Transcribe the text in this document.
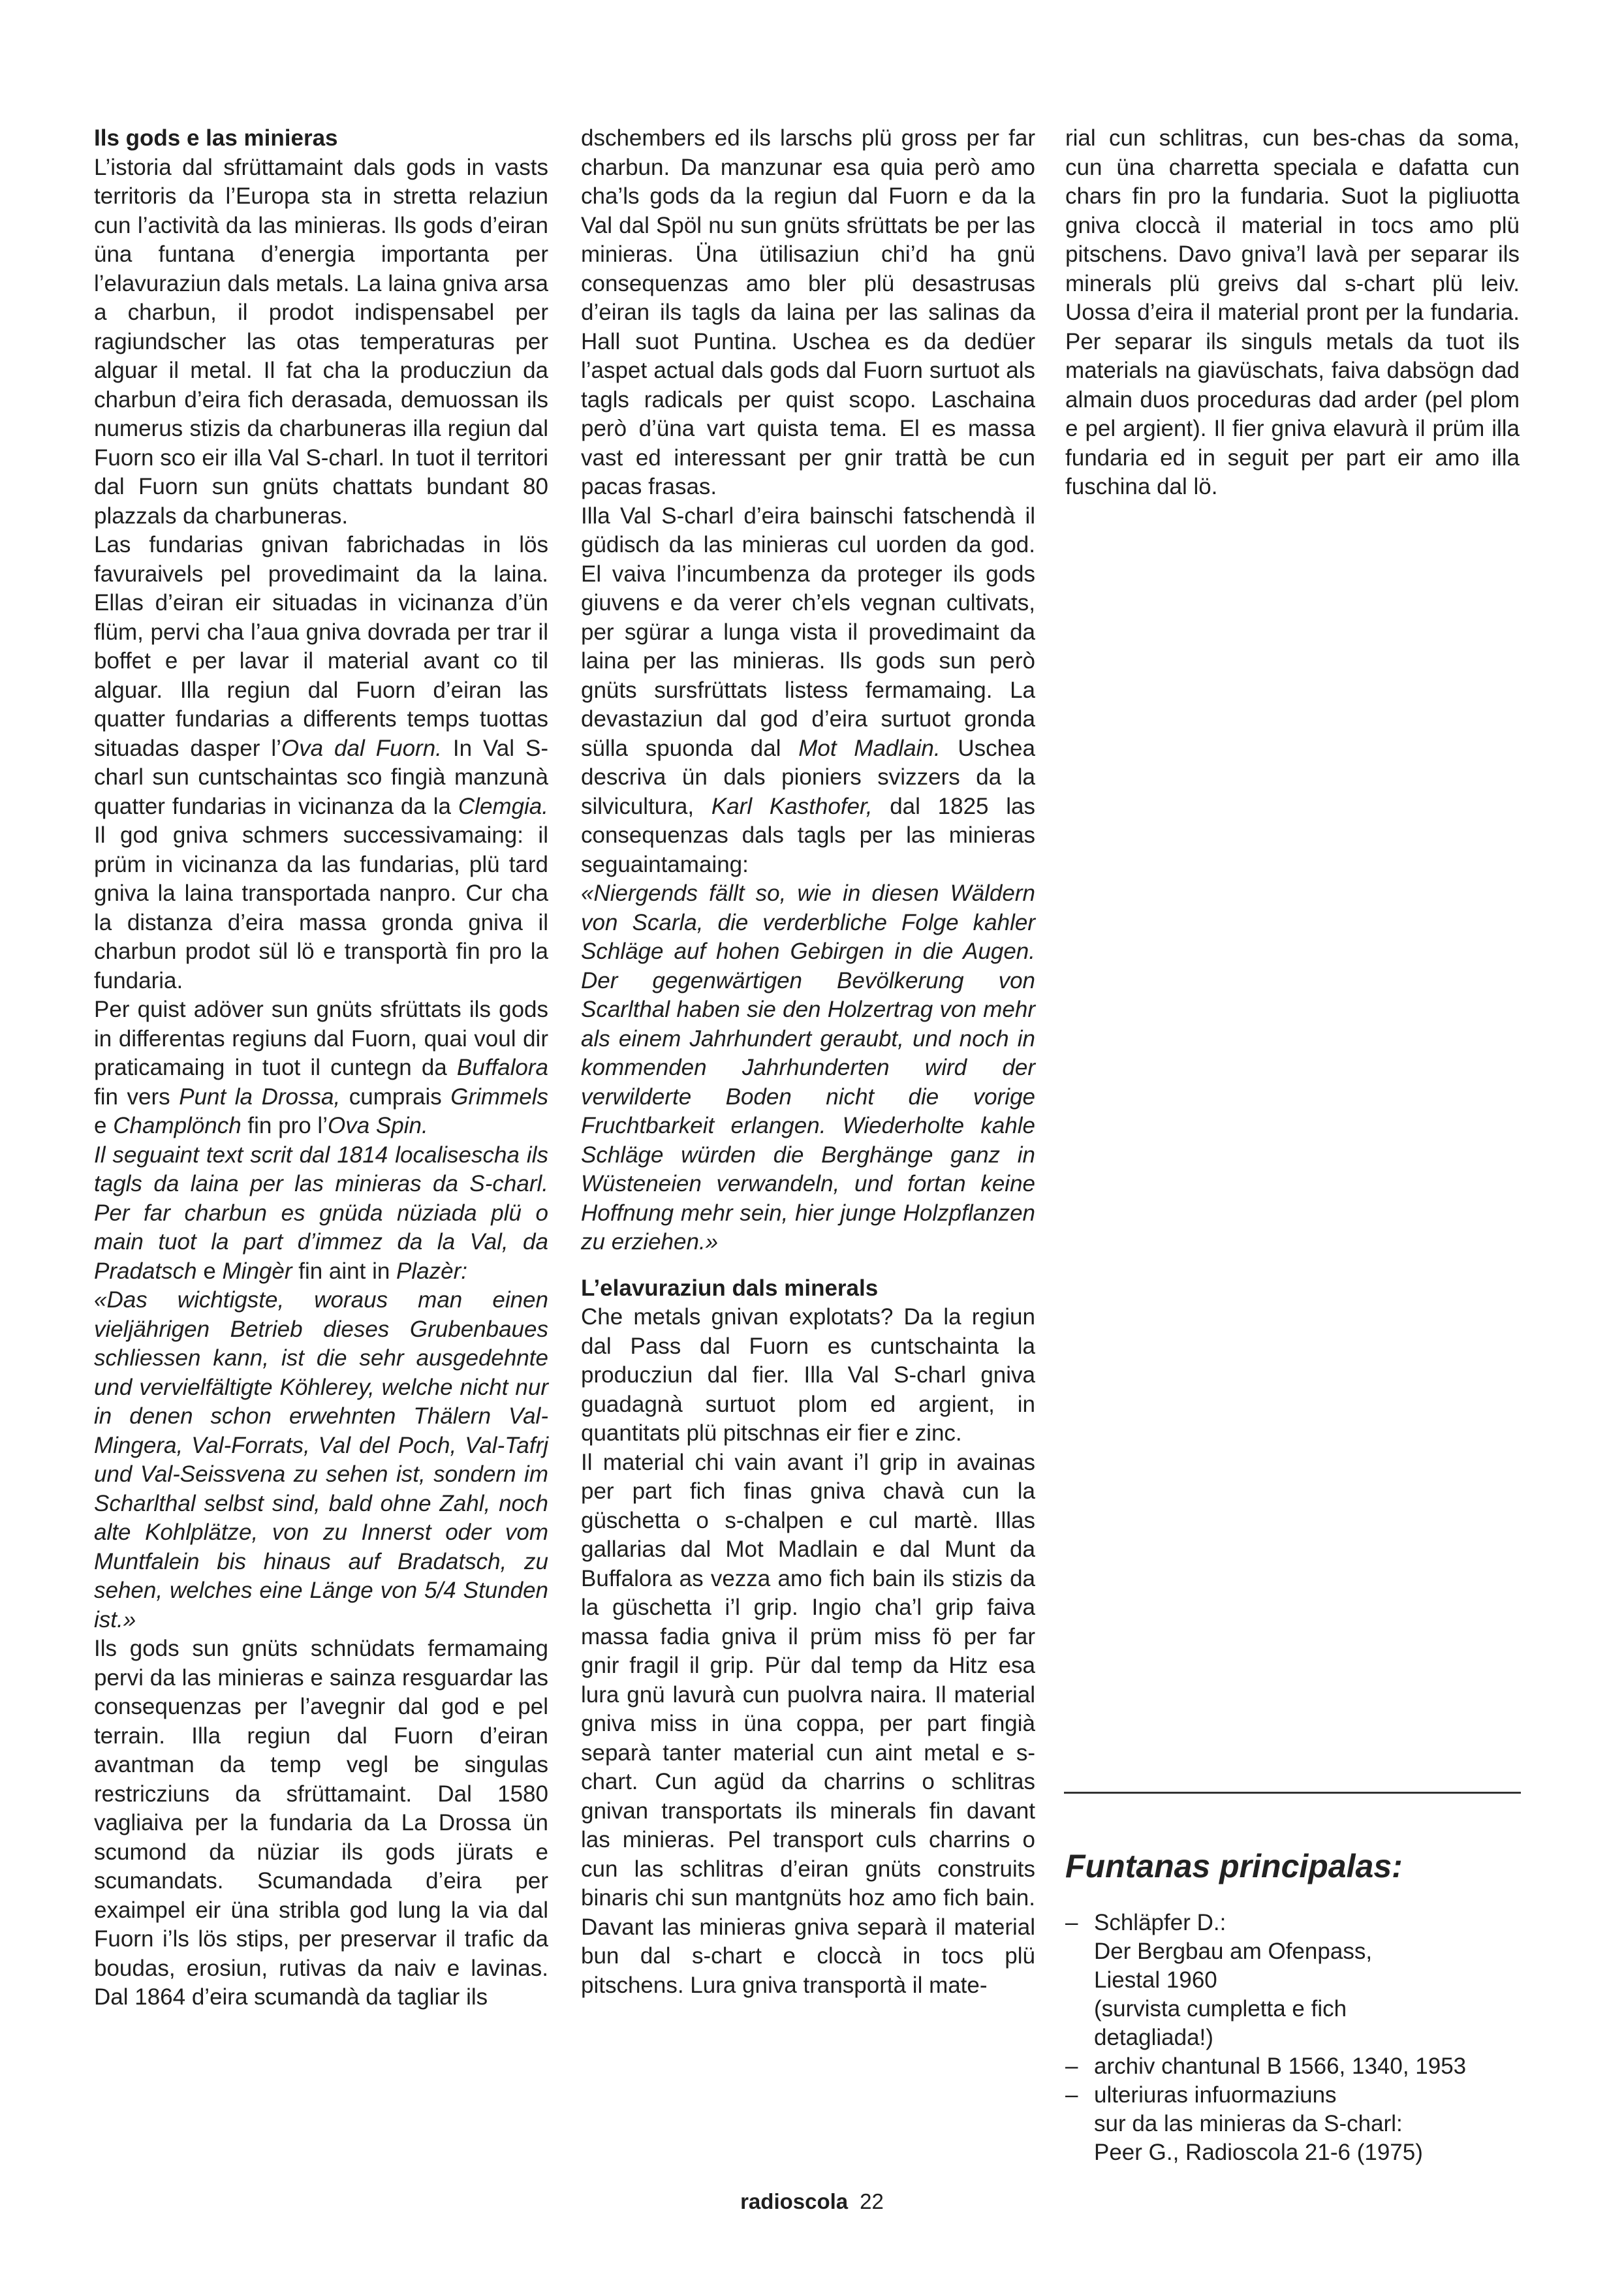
Ils gods e las minieras

L’istoria dal sfrüttamaint dals gods in vasts territoris da l’Europa sta in stretta relaziun cun l’actività da las minieras. Ils gods d’eiran üna funtana d’energia importanta per l’elavuraziun dals metals. La laina gniva arsa a charbun, il prodot indispensabel per ragiundscher las otas temperaturas per alguar il metal. Il fat cha la producziun da charbun d’eira fich derasada, demuossan ils numerus stizis da charbuneras illa regiun dal Fuorn sco eir illa Val S-charl. In tuot il territori dal Fuorn sun gnüts chattats bundant 80 plazzals da charbuneras.

Las fundarias gnivan fabrichadas in lös favuraivels pel provedimaint da la laina. Ellas d’eiran eir situadas in vicinanza d’ün flüm, pervi cha l’aua gniva dovrada per trar il boffet e per lavar il material avant co til alguar. Illa regiun dal Fuorn d’eiran las quatter fundarias a differents temps tuottas situadas dasper l’Ova dal Fuorn. In Val S-charl sun cuntschaintas sco fingià manzunà quatter fundarias in vicinanza da la Clemgia. Il god gniva schmers successivamaing: il prüm in vicinanza da las fundarias, plü tard gniva la laina transportada nanpro. Cur cha la distanza d’eira massa gronda gniva il charbun prodot sül lö e transportà fin pro la fundaria.

Per quist adöver sun gnüts sfrüttats ils gods in differentas regiuns dal Fuorn, quai voul dir praticamaing in tuot il cuntegn da Buffalora fin vers Punt la Drossa, cumprais Grimmels e Champlönch fin pro l’Ova Spin.

Il seguaint text scrit dal 1814 localisescha ils tagls da laina per las minieras da S-charl. Per far charbun es gnüda nüziada plü o main tuot la part d’immez da la Val, da Pradatsch e Mingèr fin aint in Plazèr:

«Das wichtigste, woraus man einen vieljährigen Betrieb dieses Grubenbaues schliessen kann, ist die sehr ausgedehnte und vervielfältigte Köhlerey, welche nicht nur in denen schon erwehnten Thälern Val-Mingera, Val-Forrats, Val del Poch, Val-Tafrj und Val-Seissvena zu sehen ist, sondern im Scharlthal selbst sind, bald ohne Zahl, noch alte Kohlplätze, von zu Innerst oder vom Muntfalein bis hinaus auf Bradatsch, zu sehen, welches eine Länge von 5/4 Stunden ist.»

Ils gods sun gnüts schnüdats fermamaing pervi da las minieras e sainza resguardar las consequenzas per l’avegnir dal god e pel terrain. Illa regiun dal Fuorn d’eiran avantman da temp vegl be singulas restricziuns da sfrüttamaint. Dal 1580 vagliaiva per la fundaria da La Drossa ün scumond da nüziar ils gods jürats e scumandats. Scumandada d’eira per exaimpel eir üna stribla god lung la via dal Fuorn i’ls lös stips, per preservar il trafic da boudas, erosiun, rutivas da naiv e lavinas. Dal 1864 d’eira scumandà da tagliar ils

dschembers ed ils larschs plü gross per far charbun. Da manzunar esa quia però amo cha’ls gods da la regiun dal Fuorn e da la Val dal Spöl nu sun gnüts sfrüttats be per las minieras. Üna ütilisaziun chi’d ha gnü consequenzas amo bler plü desastrusas d’eiran ils tagls da laina per las salinas da Hall suot Puntina. Uschea es da dedüer l’aspet actual dals gods dal Fuorn surtuot als tagls radicals per quist scopo. Laschaina però d’üna vart quista tema. El es massa vast ed interessant per gnir trattà be cun pacas frasas.

Illa Val S-charl d’eira bainschi fatschendà il güdisch da las minieras cul uorden da god. El vaiva l’incumbenza da proteger ils gods giuvens e da verer ch’els vegnan cultivats, per sgürar a lunga vista il provedimaint da laina per las minieras. Ils gods sun però gnüts sursfrüttats listess fermamaing. La devastaziun dal god d’eira surtuot gronda sülla spuonda dal Mot Madlain. Uschea descriva ün dals pioniers svizzers da la silvicultura, Karl Kasthofer, dal 1825 las consequenzas dals tagls per las minieras seguaintamaing:

«Niergends fällt so, wie in diesen Wäldern von Scarla, die verderbliche Folge kahler Schläge auf hohen Gebirgen in die Augen. Der gegenwärtigen Bevölkerung von Scarlthal haben sie den Holzertrag von mehr als einem Jahrhundert geraubt, und noch in kommenden Jahrhunderten wird der verwilderte Boden nicht die vorige Fruchtbarkeit erlangen. Wiederholte kahle Schläge würden die Berghänge ganz in Wüsteneien verwandeln, und fortan keine Hoffnung mehr sein, hier junge Holzpflanzen zu erziehen.»

L’elavuraziun dals minerals

Che metals gnivan explotats? Da la regiun dal Pass dal Fuorn es cuntschainta la producziun dal fier. Illa Val S-charl gniva guadagnà surtuot plom ed argient, in quantitats plü pitschnas eir fier e zinc.

Il material chi vain avant i’l grip in avainas per part fich finas gniva chavà cun la güschetta o s-chalpen e cul martè. Illas gallarias dal Mot Madlain e dal Munt da Buffalora as vezza amo fich bain ils stizis da la güschetta i’l grip. Ingio cha’l grip faiva massa fadia gniva il prüm miss fö per far gnir fragil il grip. Pür dal temp da Hitz esa lura gnü lavurà cun puolvra naira. Il material gniva miss in üna coppa, per part fingià separà tanter material cun aint metal e s-chart. Cun agüd da charrins o schlitras gnivan transportats ils minerals fin davant las minieras. Pel transport culs charrins o cun las schlitras d’eiran gnüts construits binaris chi sun mantgnüts hoz amo fich bain. Davant las minieras gniva separà il material bun dal s-chart e cloccà in tocs plü pitschens. Lura gniva transportà il mate-

rial cun schlitras, cun bes-chas da soma, cun üna charretta speciala e dafatta cun chars fin pro la fundaria. Suot la pigliuotta gniva cloccà il material in tocs amo plü pitschens. Davo gniva’l lavà per separar ils minerals plü greivs dal s-chart plü leiv. Uossa d’eira il material pront per la fundaria. Per separar ils singuls metals da tuot ils materials na giavüschats, faiva dabsögn dad almain duos proceduras dad arder (pel plom e pel argient). Il fier gniva elavurà il prüm illa fundaria ed in seguit per part eir amo illa fuschina dal lö.

Funtanas principalas:
– Schläpfer D.:
Der Bergbau am Ofenpass,
Liestal 1960
(survista cumpletta e fich
detagliada!)
– archiv chantunal B 1566, 1340, 1953
– ulteriuras infuormaziuns
sur da las minieras da S-charl:
Peer G., Radioscola 21-6 (1975)
radioscola 22
